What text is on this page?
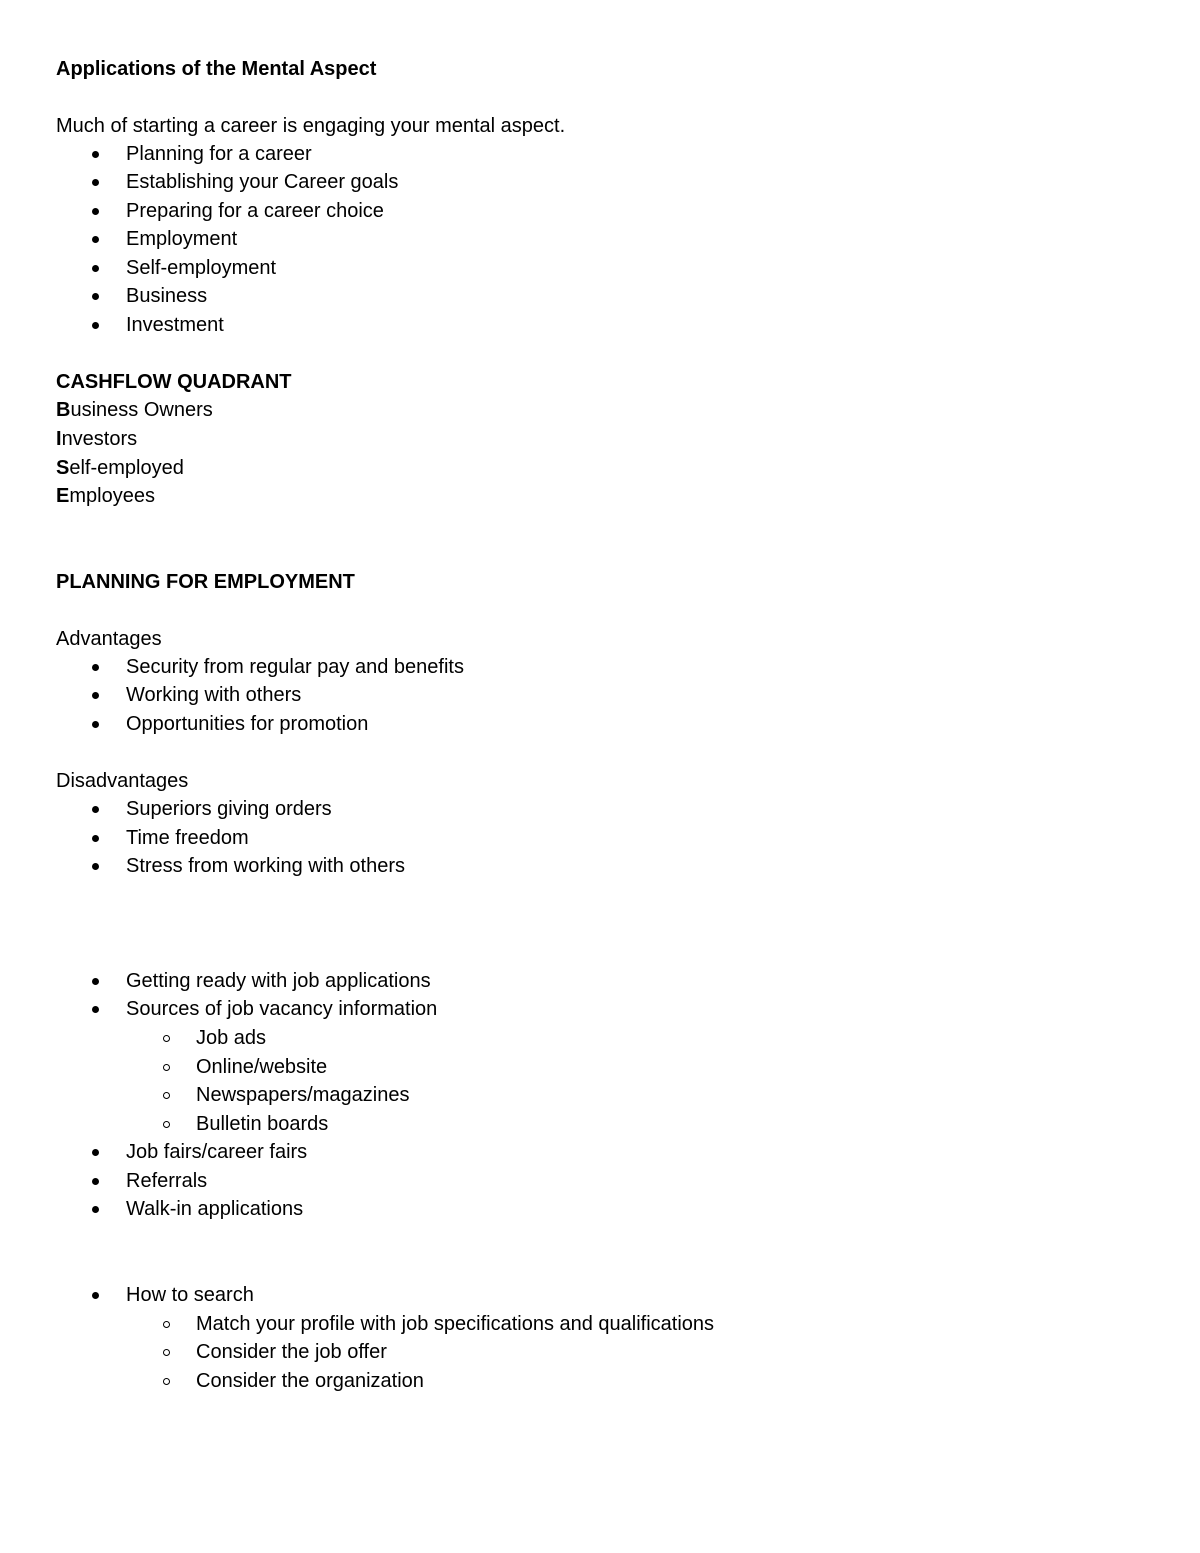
Applications of the Mental Aspect
Much of starting a career is engaging your mental aspect.
Planning for a career
Establishing your Career goals
Preparing for a career choice
Employment
Self-employment
Business
Investment
CASHFLOW QUADRANT
Business Owners
Investors
Self-employed
Employees
PLANNING FOR EMPLOYMENT
Advantages
Security from regular pay and benefits
Working with others
Opportunities for promotion
Disadvantages
Superiors giving orders
Time freedom
Stress from working with others
Getting ready with job applications
Sources of job vacancy information
Job ads
Online/website
Newspapers/magazines
Bulletin boards
Job fairs/career fairs
Referrals
Walk-in applications
How to search
Match your profile with job specifications and qualifications
Consider the job offer
Consider the organization
